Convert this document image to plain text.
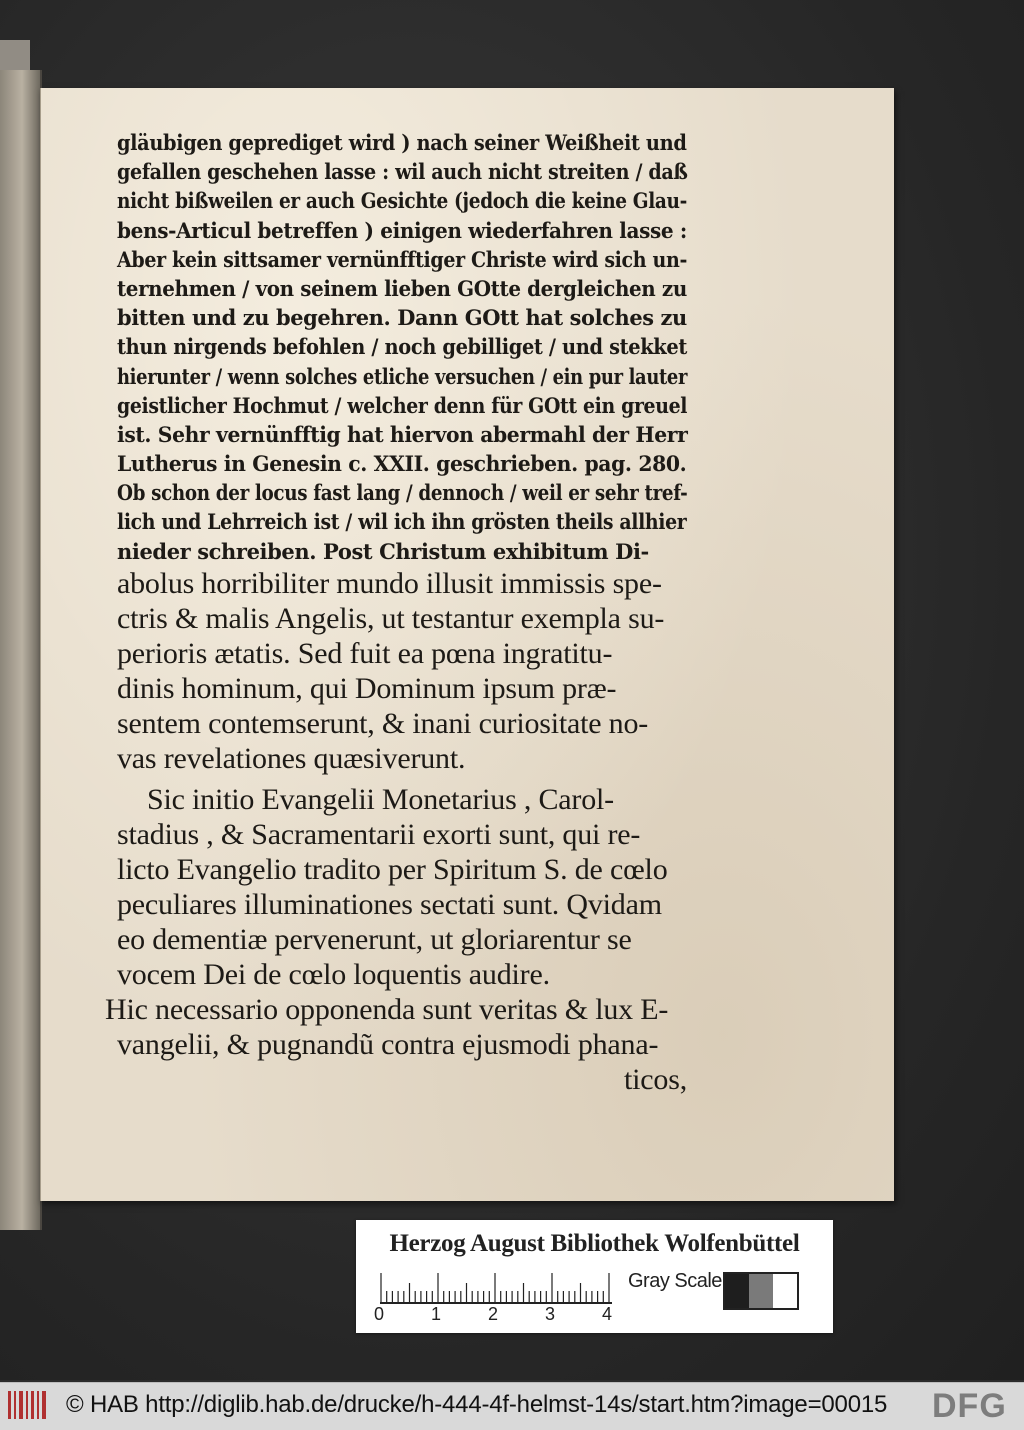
gläubigen geprediget wird ) nach seiner Weißheit und
gefallen geschehen lasse : wil auch nicht streiten / daß
nicht bißweilen er auch Gesichte (jedoch die keine Glau-
bens-Articul betreffen ) einigen wiederfahren lasse :
Aber kein sittsamer vernünfftiger Christe wird sich un-
ternehmen / von seinem lieben GOtte dergleichen zu
bitten und zu begehren. Dann GOtt hat solches zu
thun nirgends befohlen / noch gebilliget / und stekket
hierunter / wenn solches etliche versuchen / ein pur lauter
geistlicher Hochmut / welcher denn für GOtt ein greuel
ist. Sehr vernünfftig hat hiervon abermahl der Herr
Lutherus in Genesin c. XXII. geschrieben. pag. 280.
Ob schon der locus fast lang / dennoch / weil er sehr tref-
lich und Lehrreich ist / wil ich ihn grösten theils allhier
nieder schreiben. Post Christum exhibitum Di-
abolus horribiliter mundo illusit immissis spe-
ctris & malis Angelis, ut testantur exempla su-
perioris ætatis. Sed fuit ea pœna ingratitu-
dinis hominum, qui Dominum ipsum præ-
sentem contemserunt, & inani curiositate no-
vas revelationes quæsiverunt.
Sic initio Evangelii Monetarius , Carol-
stadius , & Sacramentarii exorti sunt, qui re-
licto Evangelio tradito per Spiritum S. de cœlo
peculiares illuminationes sectati sunt. Qvidam
eo dementiæ pervenerunt, ut gloriarentur se
vocem Dei de cœlo loquentis audire.
Hic necessario opponenda sunt veritas & lux E-
vangelii, & pugnandũ contra ejusmodi phana-
ticos,
Herzog August Bibliothek Wolfenbüttel
0	1	2	3	4
Gray Scale
© HAB http://diglib.hab.de/drucke/h-444-4f-helmst-14s/start.htm?image=00015 DFG
